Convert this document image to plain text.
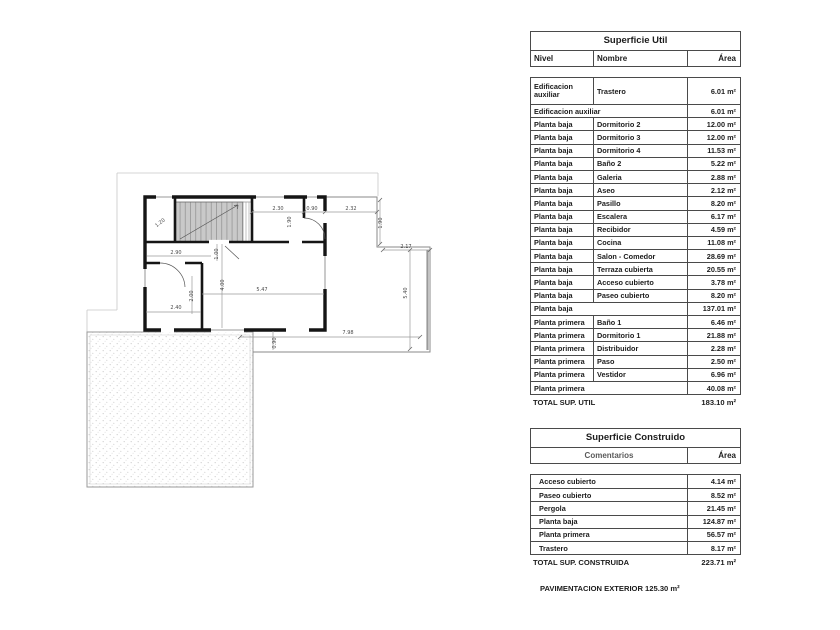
1.20
2.30	0.90	2.32
1.90	1.90
2.17
5.40
2.90	1.00
4.00	5.47
2.00
2.40
7.98
0.90
Superficie Util
Nivel	Nombre	Área
Edificacion auxiliar	Trastero	6.01 m²
Edificacion auxiliar	6.01 m²
Planta baja	Dormitorio 2	12.00 m²
Planta baja	Dormitorio 3	12.00 m²
Planta baja	Dormitorio 4	11.53 m²
Planta baja	Baño 2	5.22 m²
Planta baja	Galeria	2.88 m²
Planta baja	Aseo	2.12 m²
Planta baja	Pasillo	8.20 m²
Planta baja	Escalera	6.17 m²
Planta baja	Recibidor	4.59 m²
Planta baja	Cocina	11.08 m²
Planta baja	Salon - Comedor	28.69 m²
Planta baja	Terraza cubierta	20.55 m²
Planta baja	Acceso cubierto	3.78 m²
Planta baja	Paseo cubierto	8.20 m²
Planta baja	137.01 m²
Planta primera	Baño 1	6.46 m²
Planta primera	Dormitorio 1	21.88 m²
Planta primera	Distribuidor	2.28 m²
Planta primera	Paso	2.50 m²
Planta primera	Vestidor	6.96 m²
Planta primera	40.08 m²
TOTAL SUP. UTIL	183.10 m²
Superficie Construido
Comentarios	Área
Acceso cubierto	4.14 m²
Paseo cubierto	8.52 m²
Pergola	21.45 m²
Planta baja	124.87 m²
Planta primera	56.57 m²
Trastero	8.17 m²
TOTAL SUP. CONSTRUIDA	223.71 m²
PAVIMENTACION EXTERIOR 125.30 m²
